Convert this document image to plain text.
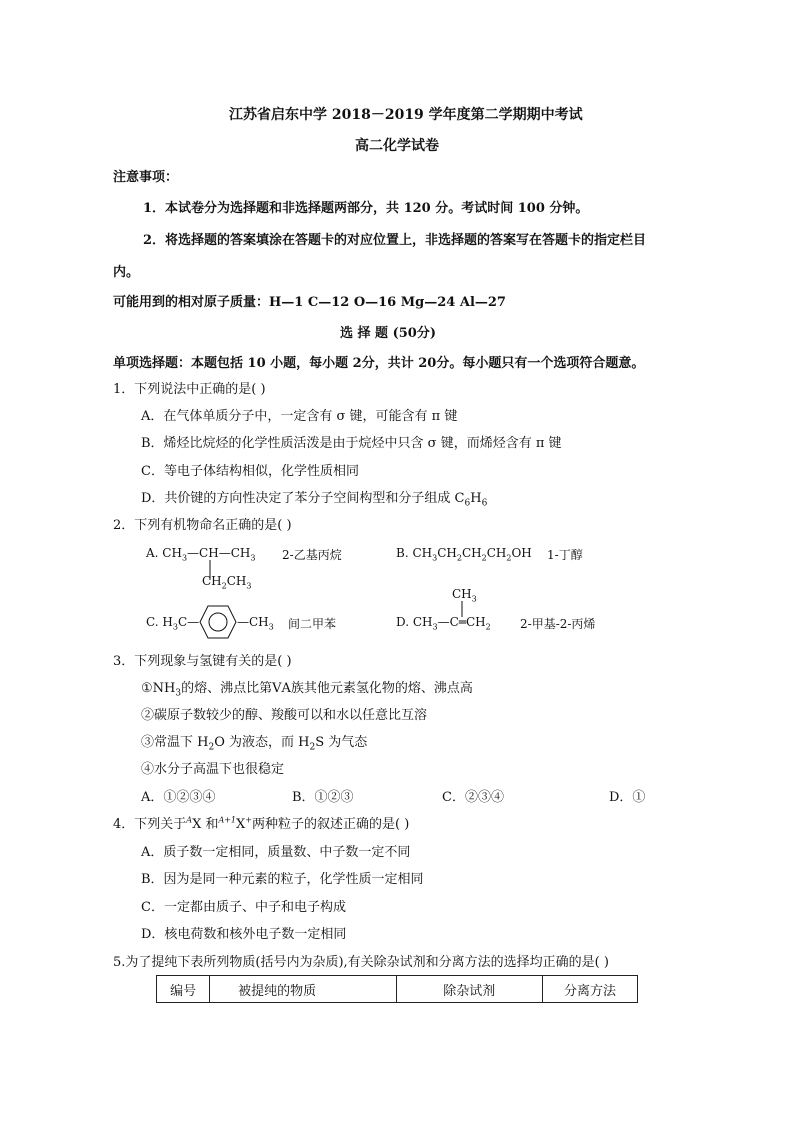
江苏省启东中学 2018－2019 学年度第二学期期中考试
高二化学试卷
注意事项：
1．本试卷分为选择题和非选择题两部分，共 120 分。考试时间 100 分钟。
2．将选择题的答案填涂在答题卡的对应位置上，非选择题的答案写在答题卡的指定栏目
内。
可能用到的相对原子质量：H—1 C—12 O—16 Mg—24 Al—27
选 择 题 (50分)
单项选择题：本题包括 10 小题，每小题 2分，共计 20分。每小题只有一个选项符合题意。
1．下列说法中正确的是( )
A．在气体单质分子中，一定含有 σ 键，可能含有 π 键
B．烯烃比烷烃的化学性质活泼是由于烷烃中只含 σ 键，而烯烃含有 π 键
C．等电子体结构相似，化学性质相同
D．共价键的方向性决定了苯分子空间构型和分子组成 $C_6H_6$
2．下列有机物命名正确的是( )
A. $CH_3—CH—CH_3$
$CH_2CH_3$
2-乙基丙烷	B. $CH_3CH_2CH_2CH_2OH$ 1-丁醇
C. $H_3C—$	$—CH_3$ 间二甲苯
$CH_3$
D. $CH_3—C═CH_2$ 2-甲基-2-丙烯
3．下列现象与氢键有关的是( )
$①NH_3$的熔、沸点比第ⅤA族其他元素氢化物的熔、沸点高
②碳原子数较少的醇、羧酸可以和水以任意比互溶
③常温下 $H_2O$ 为液态，而 $H_2S$ 为气态
④水分子高温下也很稳定
A．①②③④	B．①②③	C．②③④	D．①
4．下列关于$^A$X 和$^{A+1}$X+两种粒子的叙述正确的是( )
A．质子数一定相同，质量数、中子数一定不同
B．因为是同一种元素的粒子，化学性质一定相同
C．一定都由质子、中子和电子构成
D．核电荷数和核外电子数一定相同
5.为了提纯下表所列物质(括号内为杂质),有关除杂试剂和分离方法的选择均正确的是( )
编号	被提纯的物质	除杂试剂	分离方法
